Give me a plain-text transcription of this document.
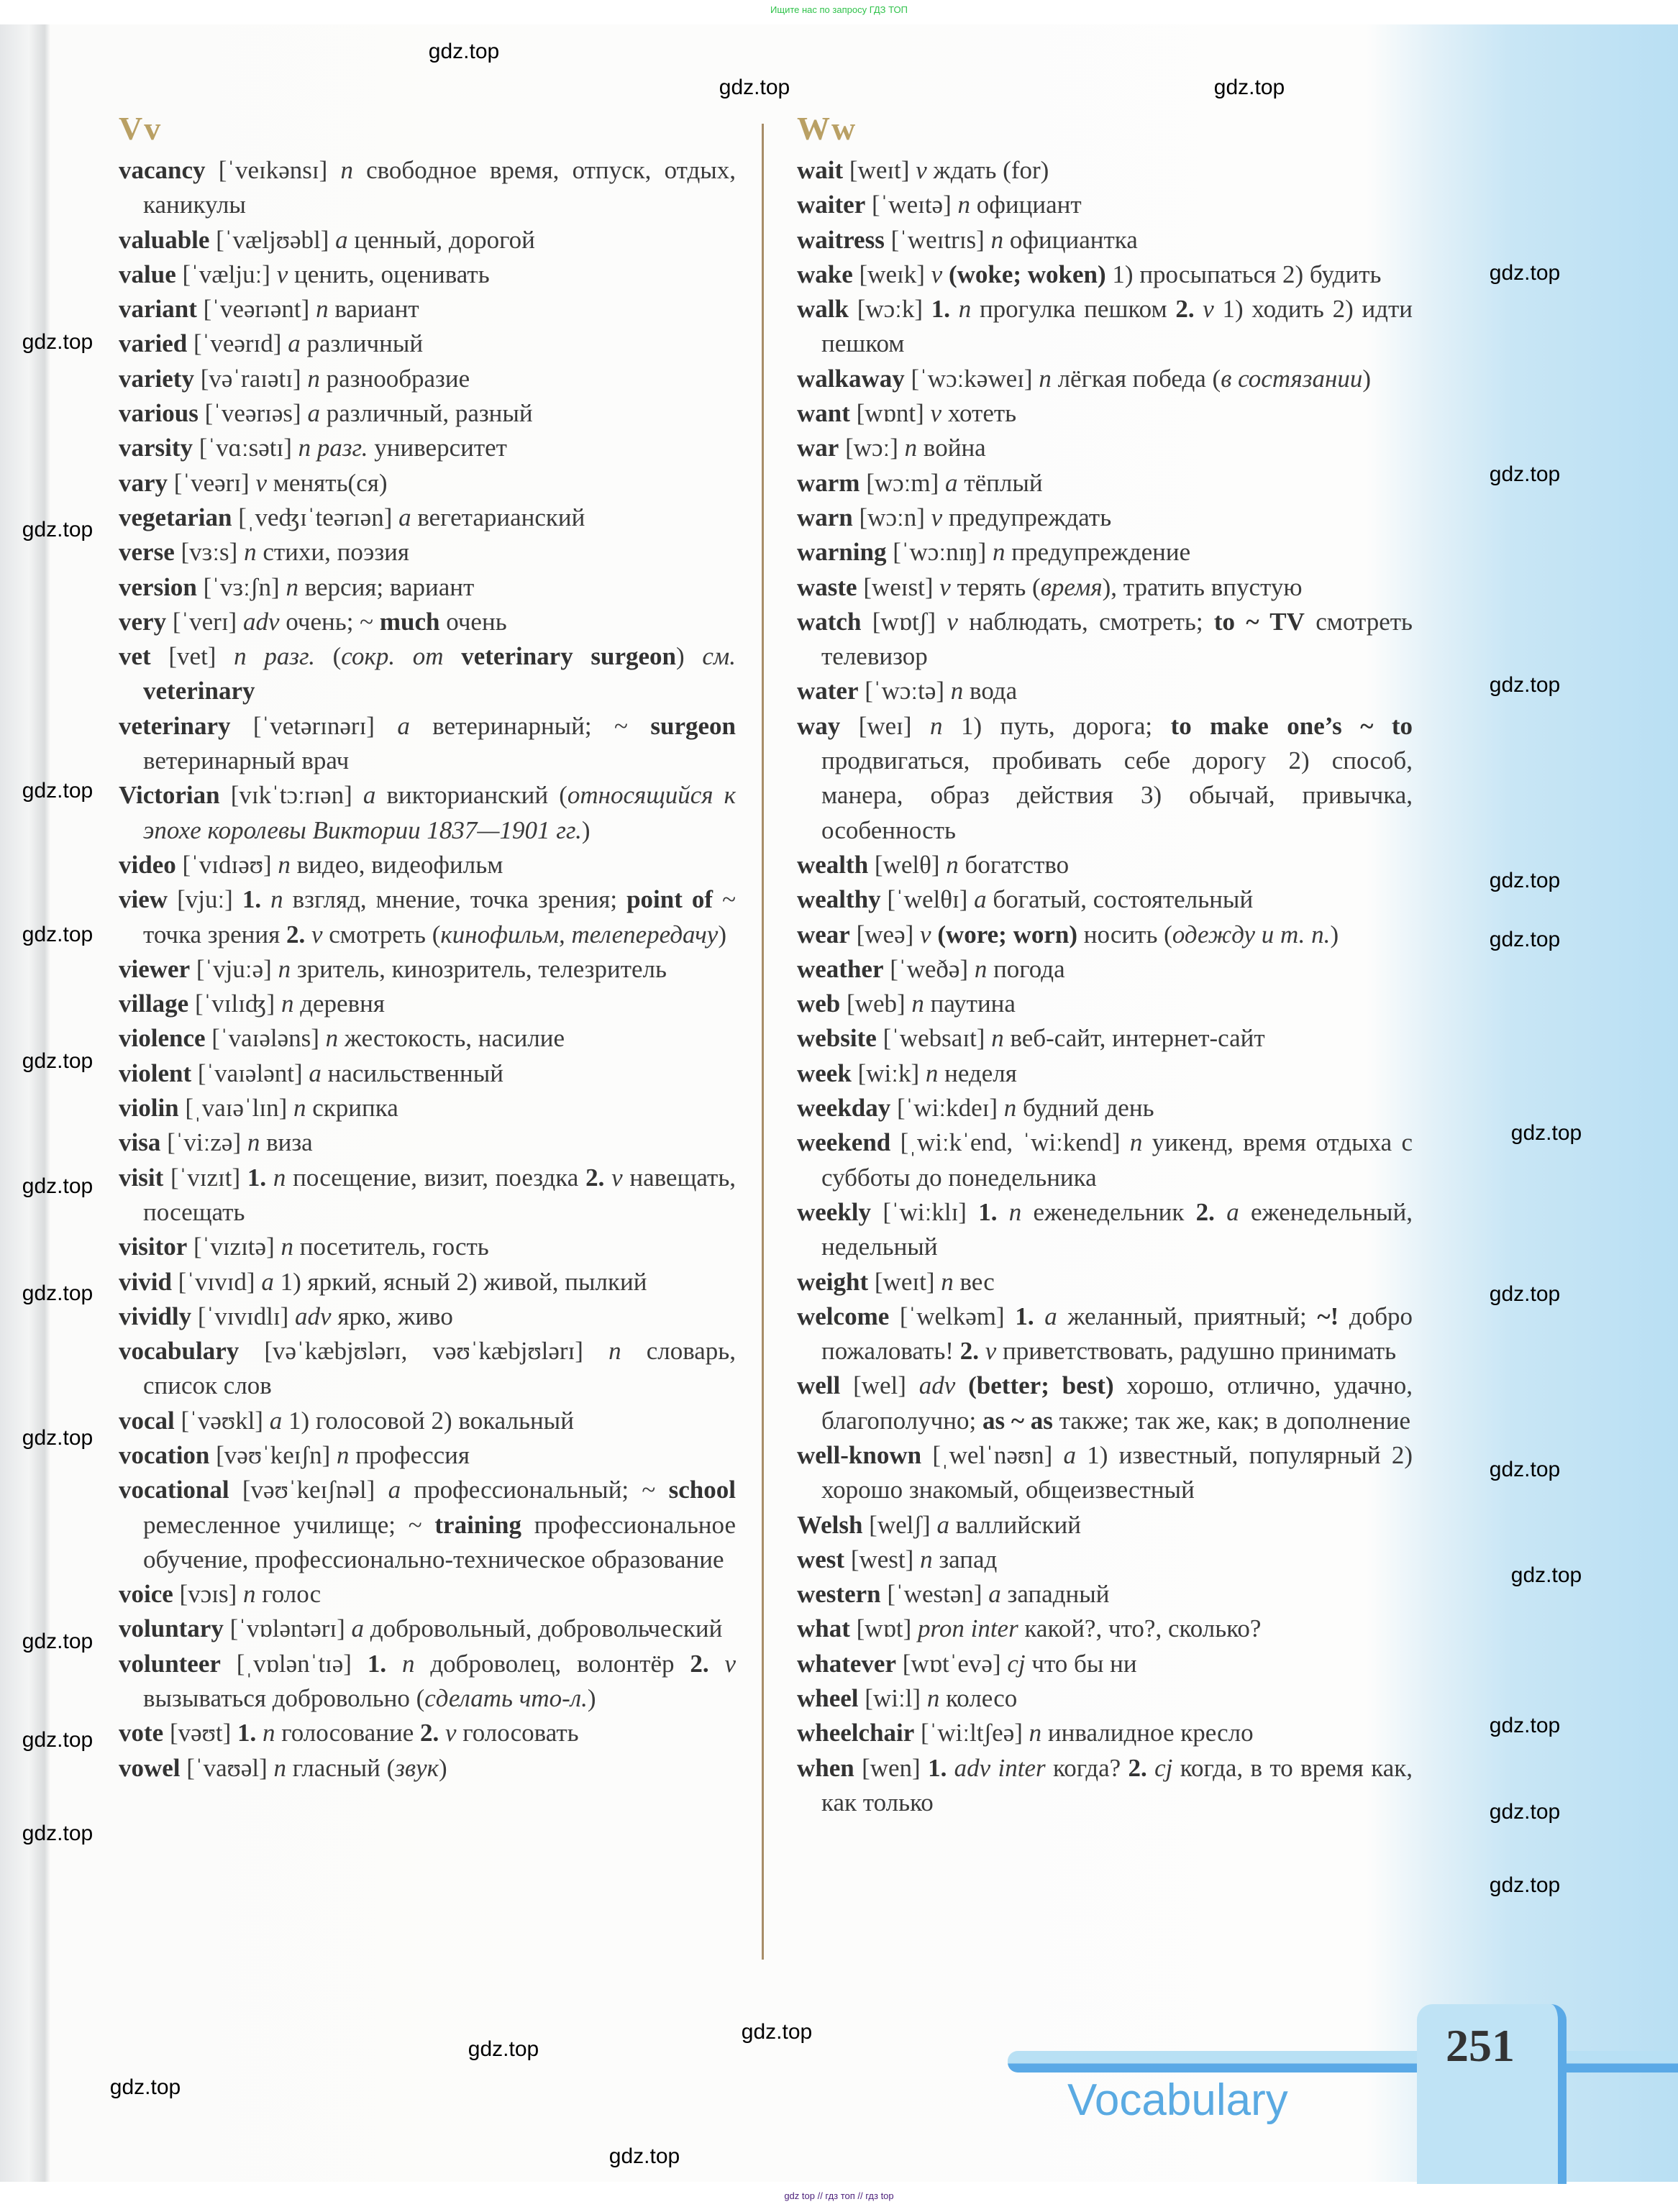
Ищите нас по запросу ГДЗ ТОП
Vv	Ww
vacancy [ˈveɪkənsɪ] n свободное время, отпуск, отдых, каникулы
valuable [ˈvæljʊəbl] a ценный, дорогой
value [ˈvæljuː] v ценить, оценивать
variant [ˈveərɪənt] n вариант
varied [ˈveərɪd] a различный
variety [vəˈraɪətɪ] n разнообразие
various [ˈveərɪəs] a различный, разный
varsity [ˈvɑːsətɪ] n разг. университет
vary [ˈveərɪ] v менять(ся)
vegetarian [ˌveʤɪˈteərɪən] a вегетарианский
verse [vɜːs] n стихи, поэзия
version [ˈvɜːʃn] n версия; вариант
very [ˈverɪ] adv очень; ~ much очень
vet [vet] n разг. (сокр. от veterinary surgeon) см. veterinary
veterinary [ˈvetərɪnərɪ] a ветеринарный; ~ surgeon ветеринарный врач
Victorian [vɪkˈtɔːrɪən] a викторианский (относящийся к эпохе королевы Виктории 1837—1901 гг.)
video [ˈvɪdɪəʊ] n видео, видеофильм
view [vjuː] 1. n взгляд, мнение, точка зрения; point of ~ точка зрения 2. v смотреть (кинофильм, телепередачу)
viewer [ˈvjuːə] n зритель, кинозритель, телезритель
village [ˈvɪlɪʤ] n деревня
violence [ˈvaɪələns] n жестокость, насилие
violent [ˈvaɪələnt] a насильственный
violin [ˌvaɪəˈlɪn] n скрипка
visa [ˈviːzə] n виза
visit [ˈvɪzɪt] 1. n посещение, визит, поездка 2. v навещать, посещать
visitor [ˈvɪzɪtə] n посетитель, гость
vivid [ˈvɪvɪd] a 1) яркий, ясный 2) живой, пылкий
vividly [ˈvɪvɪdlɪ] adv ярко, живо
vocabulary [vəˈkæbjʊlərɪ, vəʊˈkæbjʊlərɪ] n словарь, список слов
vocal [ˈvəʊkl] a 1) голосовой 2) вокальный
vocation [vəʊˈkeɪʃn] n профессия
vocational [vəʊˈkeɪʃnəl] a профессиональный; ~ school ремесленное училище; ~ training профессиональное обучение, профессионально-техническое образование
voice [vɔɪs] n голос
voluntary [ˈvɒləntərɪ] a добровольный, добровольческий
volunteer [ˌvɒlənˈtɪə] 1. n доброволец, волонтёр 2. v вызываться добровольно (сделать что-л.)
vote [vəʊt] 1. n голосование 2. v голосовать
vowel [ˈvaʊəl] n гласный (звук)
wait [weɪt] v ждать (for)
waiter [ˈweɪtə] n официант
waitress [ˈweɪtrɪs] n официантка
wake [weɪk] v (woke; woken) 1) просыпаться 2) будить
walk [wɔːk] 1. n прогулка пешком 2. v 1) ходить 2) идти пешком
walkaway [ˈwɔːkəweɪ] n лёгкая победа (в состязании)
want [wɒnt] v хотеть
war [wɔː] n война
warm [wɔːm] a тёплый
warn [wɔːn] v предупреждать
warning [ˈwɔːnɪŋ] n предупреждение
waste [weɪst] v терять (время), тратить впустую
watch [wɒtʃ] v наблюдать, смотреть; to ~ TV смотреть телевизор
water [ˈwɔːtə] n вода
way [weɪ] n 1) путь, дорога; to make one’s ~ to продвигаться, пробивать себе дорогу 2) способ, манера, образ действия 3) обычай, привычка, особенность
wealth [welθ] n богатство
wealthy [ˈwelθɪ] a богатый, состоятельный
wear [weə] v (wore; worn) носить (одежду и т. п.)
weather [ˈweðə] n погода
web [web] n паутина
website [ˈwebsaɪt] n веб-сайт, интернет-сайт
week [wiːk] n неделя
weekday [ˈwiːkdeɪ] n будний день
weekend [ˌwiːkˈend, ˈwiːkend] n уикенд, время отдыха с субботы до понедельника
weekly [ˈwiːklɪ] 1. n еженедельник 2. a еженедельный, недельный
weight [weɪt] n вес
welcome [ˈwelkəm] 1. a желанный, приятный; ~! добро пожаловать! 2. v приветствовать, радушно принимать
well [wel] adv (better; best) хорошо, отлично, удачно, благополучно; as ~ as также; так же, как; в дополнение
well-known [ˌwelˈnəʊn] a 1) известный, популярный 2) хорошо знакомый, общеизвестный
Welsh [welʃ] a валлийский
west [west] n запад
western [ˈwestən] a западный
what [wɒt] pron inter какой?, что?, сколько?
whatever [wɒtˈevə] cj что бы ни
wheel [wiːl] n колесо
wheelchair [ˈwiːltʃeə] n инвалидное кресло
when [wen] 1. adv inter когда? 2. cj когда, в то время как, как только
251
Vocabulary
gdz.top
gdz.top	gdz.top
gdz.top
gdz.top
gdz.top
gdz.top
gdz.top
gdz.top
gdz.top
gdz.top
gdz.top
gdz.top
gdz.top
gdz.top
gdz.top
gdz.top
gdz.top
gdz.top
gdz.top
gdz.top
gdz.top
gdz.top
gdz.top
gdz.top
gdz.top
gdz.top
gdz.top
gdz.top
gdz.top
gdz top // гдз топ // гдз top
